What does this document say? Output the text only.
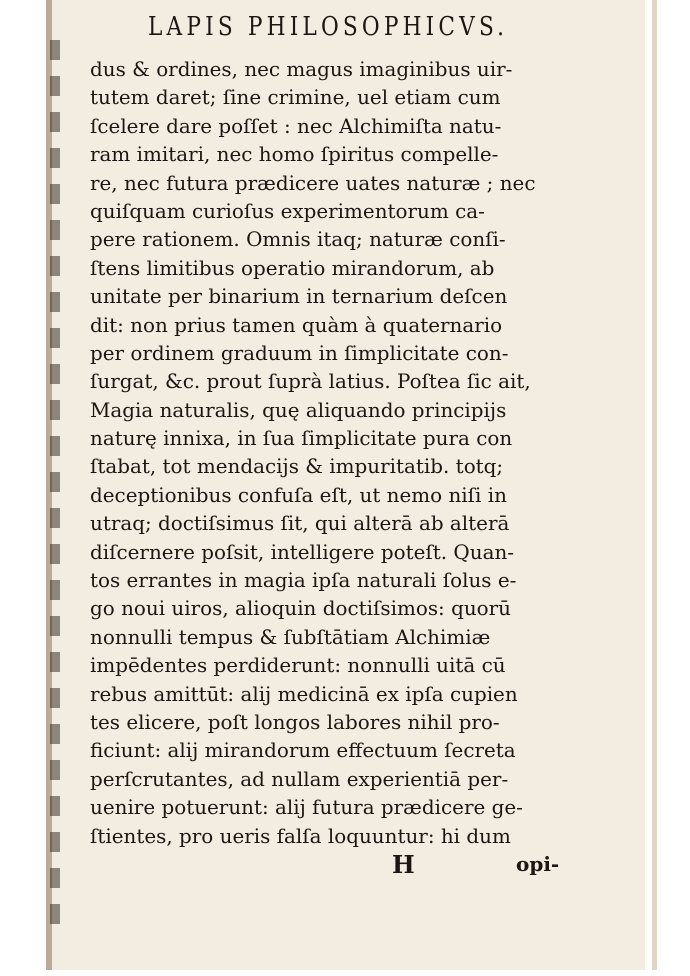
LAPIS PHILOSOPHICVS.
dus & ordines, nec magus imaginibus uir-
tutem daret; ſine crimine, uel etiam cum
ſcelere dare poſſet : nec Alchimiſta natu-
ram imitari, nec homo ſpiritus compelle-
re, nec futura prædicere uates naturæ ; nec
quiſquam curioſus experimentorum ca-
pere rationem. Omnis itaq; naturæ conſi-
ſtens limitibus operatio mirandorum, ab
unitate per binarium in ternarium deſcen
dit: non prius tamen quàm à quaternario
per ordinem graduum in ſimplicitate con-
ſurgat, &c. prout ſuprà latius. Poſtea ſic ait,
Magia naturalis, quę aliquando principijs
naturę innixa, in ſua ſimplicitate pura con
ſtabat, tot mendacijs & impuritatib. totq;
deceptionibus confuſa eſt, ut nemo niſi in
utraq; doctiſsimus ſit, qui alterā ab alterā
diſcernere poſsit, intelligere poteſt. Quan-
tos errantes in magia ipſa naturali ſolus e-
go noui uiros, alioquin doctiſsimos: quorū
nonnulli tempus & ſubſtātiam Alchimiæ
impēdentes perdiderunt: nonnulli uitā cū
rebus amittūt: alij medicinā ex ipſa cupien
tes elicere, poſt longos labores nihil pro-
ficiunt: alij mirandorum effectuum ſecreta
perſcrutantes, ad nullam experientiā per-
uenire potuerunt: alij futura prædicere ge-
ſtientes, pro ueris falſa loquuntur: hi dum
H	opi-
